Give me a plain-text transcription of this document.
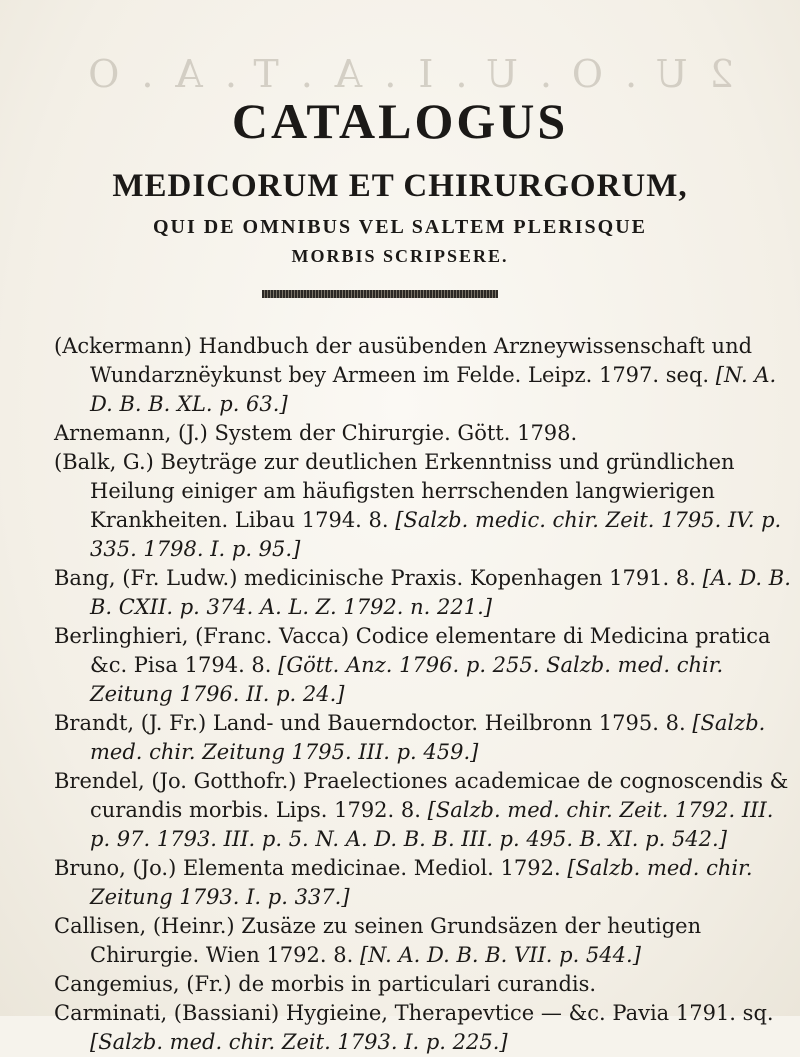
2U.O.U.I.A.T.A.O
CATALOGUS
MEDICORUM ET CHIRURGORUM,
QUI DE OMNIBUS VEL SALTEM PLERISQUE
MORBIS SCRIPSERE.

(Ackermann) Handbuch der ausübenden Arzneywissenschaft und Wundarznëykunst bey Armeen im Felde. Leipz. 1797. seq. [N. A. D. B. B. XL. p. 63.]

Arnemann, (J.) System der Chirurgie. Gött. 1798.

(Balk, G.) Beyträge zur deutlichen Erkenntniss und gründlichen Heilung einiger am häufigsten herrschenden langwierigen Krankheiten. Libau 1794. 8. [Salzb. medic. chir. Zeit. 1795. IV. p. 335. 1798. I. p. 95.]

Bang, (Fr. Ludw.) medicinische Praxis. Kopenhagen 1791. 8. [A. D. B. B. CXII. p. 374. A. L. Z. 1792. n. 221.]

Berlinghieri, (Franc. Vacca) Codice elementare di Medicina pratica &c. Pisa 1794. 8. [Gött. Anz. 1796. p. 255. Salzb. med. chir. Zeitung 1796. II. p. 24.]

Brandt, (J. Fr.) Land- und Bauerndoctor. Heilbronn 1795. 8. [Salzb. med. chir. Zeitung 1795. III. p. 459.]

Brendel, (Jo. Gotthofr.) Praelectiones academicae de cognoscendis & curandis morbis. Lips. 1792. 8. [Salzb. med. chir. Zeit. 1792. III. p. 97. 1793. III. p. 5. N. A. D. B. B. III. p. 495. B. XI. p. 542.]

Bruno, (Jo.) Elementa medicinae. Mediol. 1792. [Salzb. med. chir. Zeitung 1793. I. p. 337.]

Callisen, (Heinr.) Zusäze zu seinen Grundsäzen der heutigen Chirurgie. Wien 1792. 8. [N. A. D. B. B. VII. p. 544.]

Cangemius, (Fr.) de morbis in particulari curandis.

Carminati, (Bassiani) Hygieine, Therapevtice — &c. Pavia 1791. sq. [Salzb. med. chir. Zeit. 1793. I. p. 225.]
